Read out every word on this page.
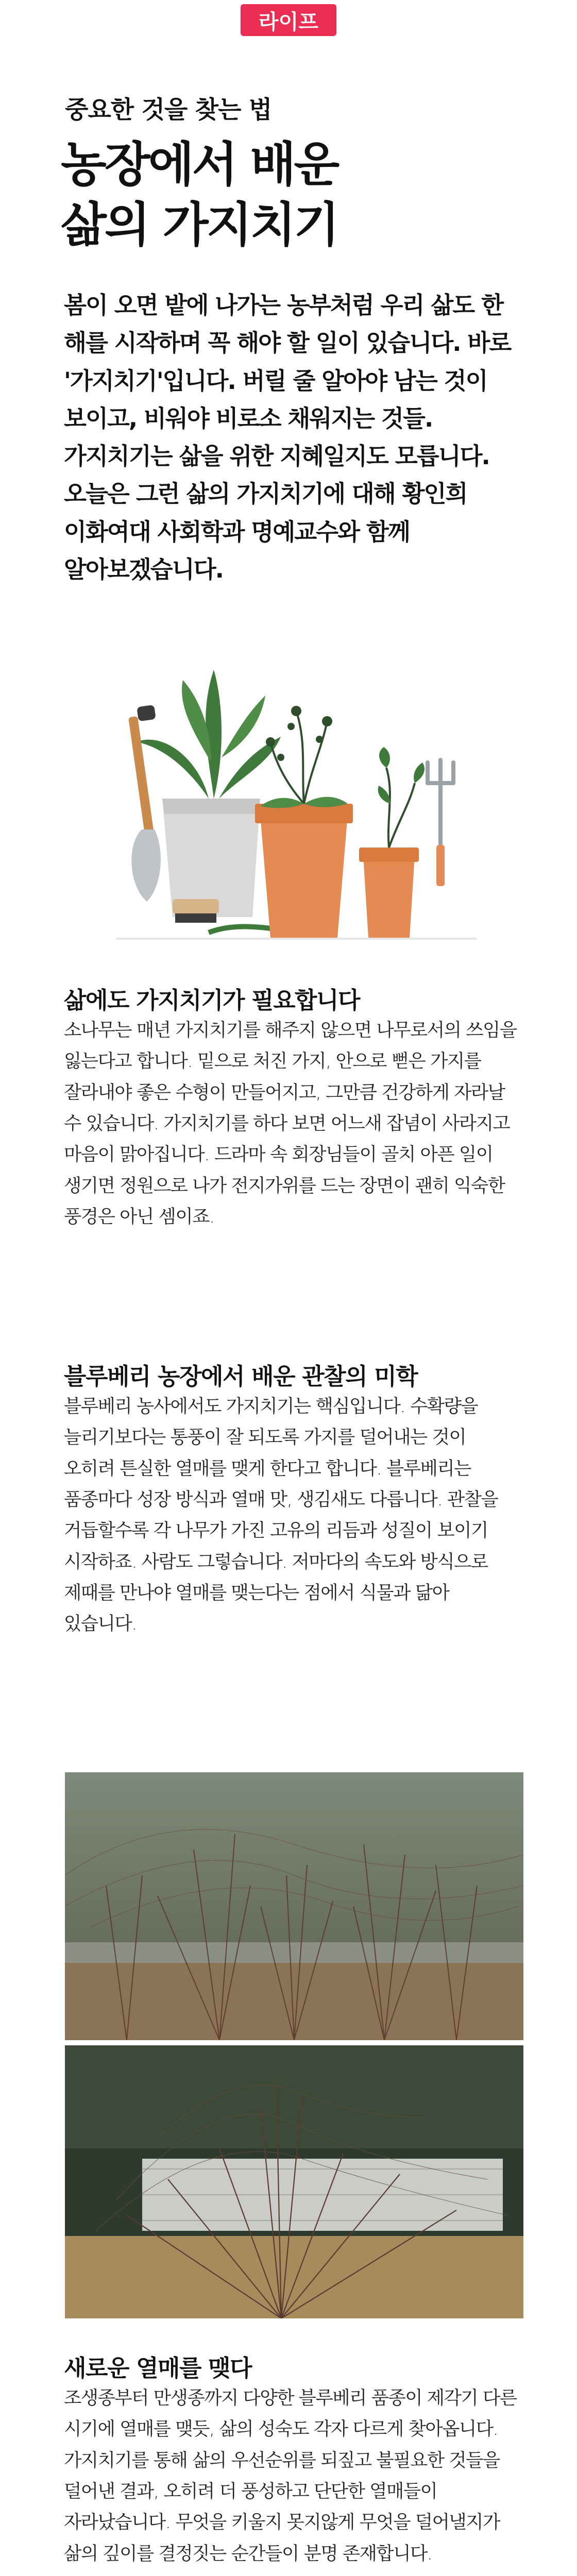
라이프
중요한 것을 찾는 법
농장에서 배운
삶의 가지치기
봄이 오면 밭에 나가는 농부처럼 우리 삶도 한 해를 시작하며 꼭 해야 할 일이 있습니다. 바로 '가지치기'입니다. 버릴 줄 알아야 남는 것이 보이고, 비워야 비로소 채워지는 것들. 가지치기는 삶을 위한 지혜일지도 모릅니다. 오늘은 그런 삶의 가지치기에 대해 황인희 이화여대 사회학과 명예교수와 함께 알아보겠습니다.
삶에도 가지치기가 필요합니다
소나무는 매년 가지치기를 해주지 않으면 나무로서의 쓰임을 잃는다고 합니다. 밑으로 처진 가지, 안으로 뻗은 가지를 잘라내야 좋은 수형이 만들어지고, 그만큼 건강하게 자라날 수 있습니다. 가지치기를 하다 보면 어느새 잡념이 사라지고 마음이 맑아집니다. 드라마 속 회장님들이 골치 아픈 일이 생기면 정원으로 나가 전지가위를 드는 장면이 괜히 익숙한 풍경은 아닌 셈이죠.
블루베리 농장에서 배운 관찰의 미학
블루베리 농사에서도 가지치기는 핵심입니다. 수확량을 늘리기보다는 통풍이 잘 되도록 가지를 덜어내는 것이 오히려 튼실한 열매를 맺게 한다고 합니다. 블루베리는 품종마다 성장 방식과 열매 맛, 생김새도 다릅니다. 관찰을 거듭할수록 각 나무가 가진 고유의 리듬과 성질이 보이기 시작하죠. 사람도 그렇습니다. 저마다의 속도와 방식으로 제때를 만나야 열매를 맺는다는 점에서 식물과 닮아 있습니다.
새로운 열매를 맺다
조생종부터 만생종까지 다양한 블루베리 품종이 제각기 다른 시기에 열매를 맺듯, 삶의 성숙도 각자 다르게 찾아옵니다. 가지치기를 통해 삶의 우선순위를 되짚고 불필요한 것들을 덜어낸 결과, 오히려 더 풍성하고 단단한 열매들이 자라났습니다. 무엇을 키울지 못지않게 무엇을 덜어낼지가 삶의 깊이를 결정짓는 순간들이 분명 존재합니다.
